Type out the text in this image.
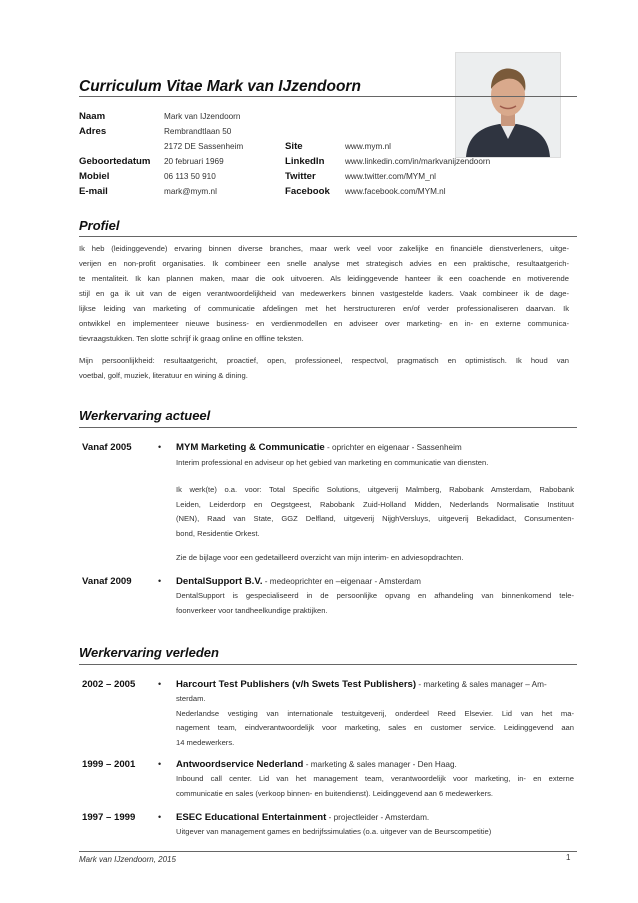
Curriculum Vitae Mark van IJzendoorn
Naam	Mark van IJzendoorn
Adres	Rembrandtlaan 50
2172 DE Sassenheim
Geboortedatum 20 februari 1969
Mobiel	06 113 50 910
E-mail	mark@mym.nl
Site	www.mym.nl
LinkedIn	www.linkedin.com/in/markvanijzendoorn
Twitter	www.twitter.com/MYM_nl
Facebook www.facebook.com/MYM.nl
Profiel
Ik heb (leidinggevende) ervaring binnen diverse branches, maar werk veel voor zakelijke en financiële dienstverleners, uitge-
verijen en non-profit organisaties. Ik combineer een snelle analyse met strategisch advies en een praktische, resultaatgerich-
te mentaliteit. Ik kan plannen maken, maar die ook uitvoeren. Als leidinggevende hanteer ik een coachende en motiverende
stijl en ga ik uit van de eigen verantwoordelijkheid van medewerkers binnen vastgestelde kaders. Vaak combineer ik de dage-
lijkse leiding van marketing of communicatie afdelingen met het herstructureren en/of verder professionaliseren daarvan. Ik
ontwikkel en implementeer nieuwe business- en verdienmodellen en adviseer over marketing- en in- en externe communica-
tievraagstukken. Ten slotte schrijf ik graag online en offline teksten.
Mijn persoonlijkheid: resultaatgericht, proactief, open, professioneel, respectvol, pragmatisch en optimistisch. Ik houd van
voetbal, golf, muziek, literatuur en wining & dining.
Werkervaring actueel
Vanaf 2005	• MYM Marketing & Communicatie - oprichter en eigenaar - Sassenheim
Interim professional en adviseur op het gebied van marketing en communicatie van diensten.
Ik werk(te) o.a. voor: Total Specific Solutions, uitgeverij Malmberg, Rabobank Amsterdam, Rabobank
Leiden, Leiderdorp en Oegstgeest, Rabobank Zuid-Holland Midden, Nederlands Normalisatie Instituut
(NEN), Raad van State, GGZ Delfland, uitgeverij NijghVersluys, uitgeverij Bekadidact, Consumenten-
bond, Residentie Orkest.
Zie de bijlage voor een gedetailleerd overzicht van mijn interim- en adviesopdrachten.
Vanaf 2009	• DentalSupport B.V. - medeoprichter en –eigenaar - Amsterdam
DentalSupport is gespecialiseerd in de persoonlijke opvang en afhandeling van binnenkomend tele-
foonverkeer voor tandheelkundige praktijken.
Werkervaring verleden
2002 – 2005	• Harcourt Test Publishers (v/h Swets Test Publishers) - marketing & sales manager – Am-
sterdam.
Nederlandse vestiging van internationale testuitgeverij, onderdeel Reed Elsevier. Lid van het ma-
nagement team, eindverantwoordelijk voor marketing, sales en customer service. Leidinggevend aan
14 medewerkers.
1999 – 2001	• Antwoordservice Nederland - marketing & sales manager - Den Haag.
Inbound call center. Lid van het management team, verantwoordelijk voor marketing, in- en externe
communicatie en sales (verkoop binnen- en buitendienst). Leidinggevend aan 6 medewerkers.
1997 – 1999	• ESEC Educational Entertainment - projectleider - Amsterdam.
Uitgever van management games en bedrijfssimulaties (o.a. uitgever van de Beurscompetitie)
Mark van IJzendoorn, 2015	1
